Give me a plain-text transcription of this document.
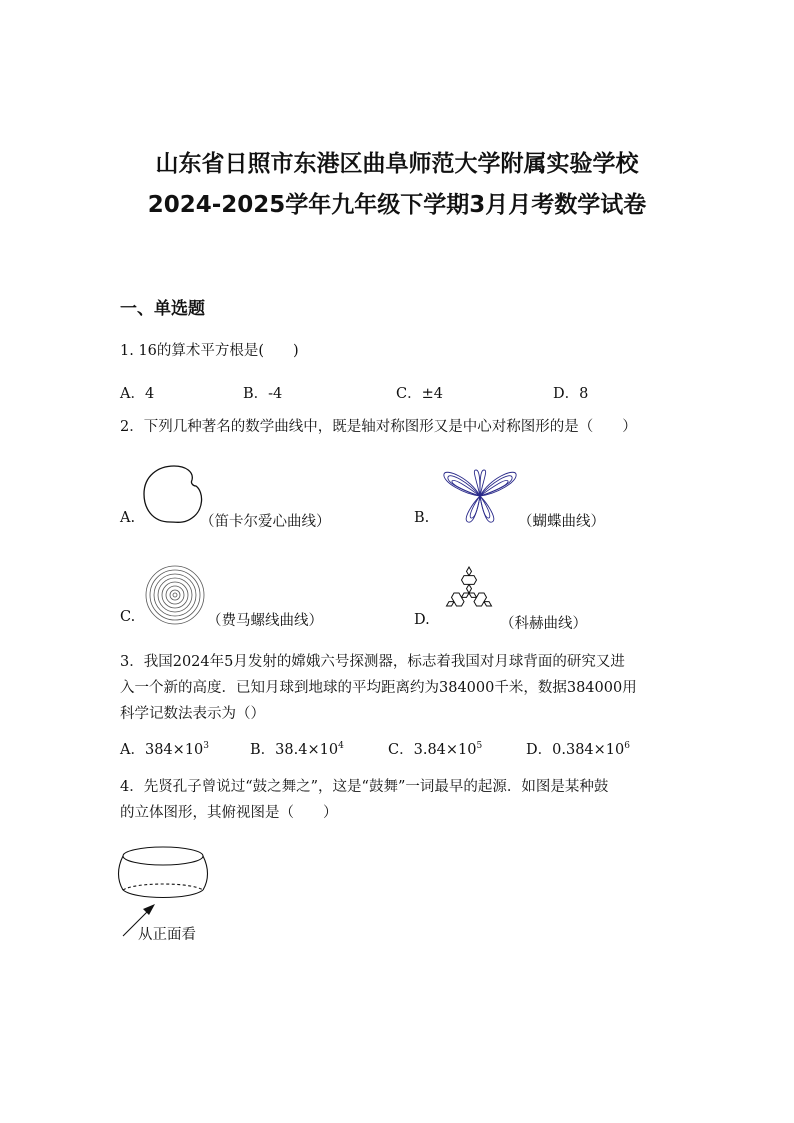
山东省日照市东港区曲阜师范大学附属实验学校
2024-2025学年九年级下学期3月月考数学试卷
一、单选题
1. 16的算术平方根是(　　)
A．4	B．-4	C．±4	D．8
2．下列几种著名的数学曲线中，既是轴对称图形又是中心对称图形的是（　　）
A.	（笛卡尔爱心曲线）	B.	（蝴蝶曲线）
C.	（费马螺线曲线）	D.	（科赫曲线）
3．我国2024年5月发射的嫦娥六号探测器，标志着我国对月球背面的研究又进
入一个新的高度．已知月球到地球的平均距离约为384000千米，数据384000用
科学记数法表示为（）
A．$384\times 10^3$	B．$38.4\times 10^4$	C．$3.84\times 10^5$	D．$0.384\times 10^6$
4．先贤孔子曾说过“鼓之舞之”，这是“鼓舞”一词最早的起源．如图是某种鼓
的立体图形，其俯视图是（　　）
从正面看
